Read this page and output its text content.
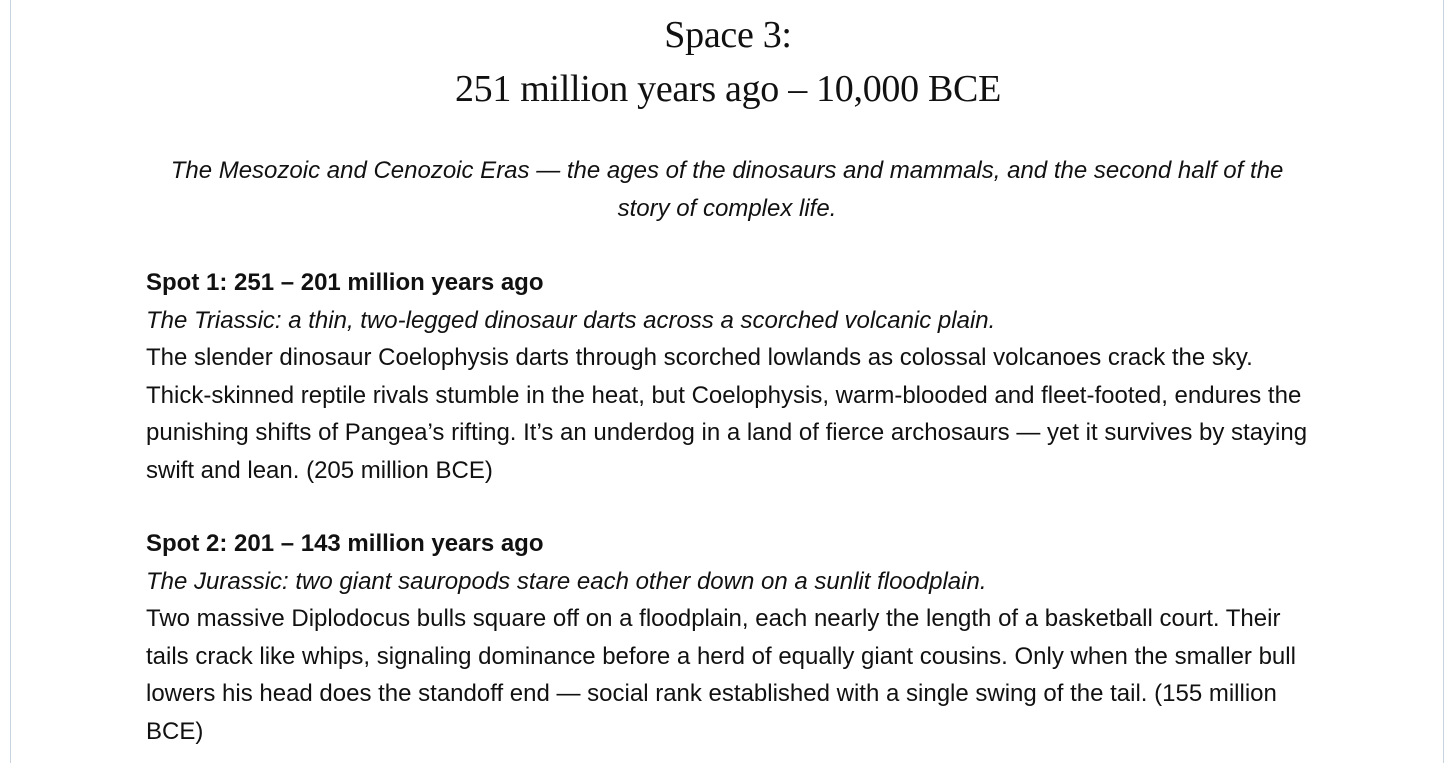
Space 3:
251 million years ago – 10,000 BCE
The Mesozoic and Cenozoic Eras — the ages of the dinosaurs and mammals, and the second half of the story of complex life.
Spot 1: 251 – 201 million years ago
The Triassic: a thin, two-legged dinosaur darts across a scorched volcanic plain.
The slender dinosaur Coelophysis darts through scorched lowlands as colossal volcanoes crack the sky. Thick-skinned reptile rivals stumble in the heat, but Coelophysis, warm-blooded and fleet-footed, endures the punishing shifts of Pangea’s rifting. It’s an underdog in a land of fierce archosaurs — yet it survives by staying swift and lean. (205 million BCE)
Spot 2: 201 – 143 million years ago
The Jurassic: two giant sauropods stare each other down on a sunlit floodplain.
Two massive Diplodocus bulls square off on a floodplain, each nearly the length of a basketball court. Their tails crack like whips, signaling dominance before a herd of equally giant cousins. Only when the smaller bull lowers his head does the standoff end — social rank established with a single swing of the tail. (155 million BCE)
